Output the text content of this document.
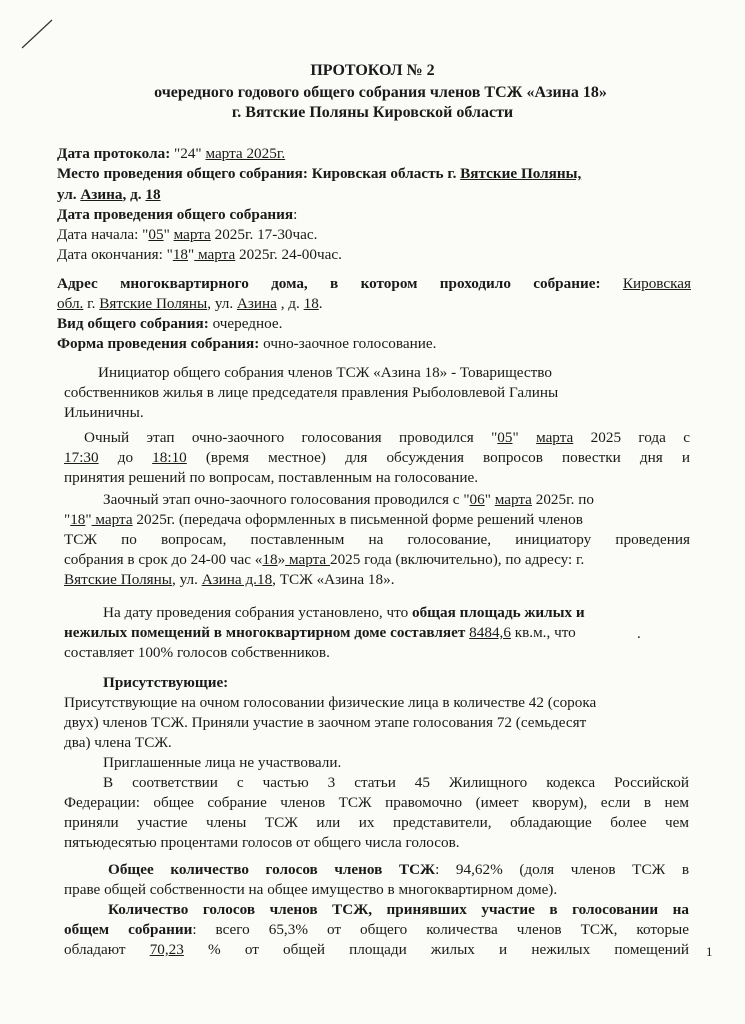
ПРОТОКОЛ № 2
очередного годового общего собрания членов ТСЖ «Азина 18»
г. Вятские Поляны Кировской области
Дата протокола: "24" марта 2025г.
Место проведения общего собрания: Кировская область г. Вятские Поляны,
ул. Азина, д. 18
Дата проведения общего собрания:
Дата начала: "05" марта 2025г. 17-30час.
Дата окончания: "18" марта 2025г. 24-00час.
Адрес многоквартирного дома, в котором проходило собрание: Кировская
обл. г. Вятские Поляны, ул. Азина , д. 18.
Вид общего собрания: очередное.
Форма проведения собрания: очно-заочное голосование.
Инициатор общего собрания членов ТСЖ «Азина 18» - Товарищество
собственников жилья в лице председателя правления Рыболовлевой Галины
Ильиничны.
Очный этап очно-заочного голосования проводился "05" марта 2025 года с
17:30 до 18:10 (время местное) для обсуждения вопросов повестки дня и
принятия решений по вопросам, поставленным на голосование.
Заочный этап очно-заочного голосования проводился с "06" марта 2025г. по
"18" марта 2025г. (передача оформленных в письменной форме решений членов
ТСЖ по вопросам, поставленным на голосование, инициатору проведения
собрания в срок до 24-00 час «18» марта 2025 года (включительно), по адресу: г.
Вятские Поляны, ул. Азина д.18, ТСЖ «Азина 18».
На дату проведения собрания установлено, что общая площадь жилых и
нежилых помещений в многоквартирном доме составляет 8484,6 кв.м., что
составляет 100% голосов собственников.
.
Присутствующие:
Присутствующие на очном голосовании физические лица в количестве 42 (сорока
двух) членов ТСЖ. Приняли участие в заочном этапе голосования 72 (семьдесят
два) члена ТСЖ.
Приглашенные лица не участвовали.
В соответствии с частью 3 статьи 45 Жилищного кодекса Российской
Федерации: общее собрание членов ТСЖ правомочно (имеет кворум), если в нем
приняли участие члены ТСЖ или их представители, обладающие более чем
пятьюдесятью процентами голосов от общего числа голосов.
Общее количество голосов членов ТСЖ: 94,62% (доля членов ТСЖ в
праве общей собственности на общее имущество в многоквартирном доме).
Количество голосов членов ТСЖ, принявших участие в голосовании на
общем собрании: всего 65,3% от общего количества членов ТСЖ, которые
обладают 70,23 % от общей площади жилых и нежилых помещений 1
